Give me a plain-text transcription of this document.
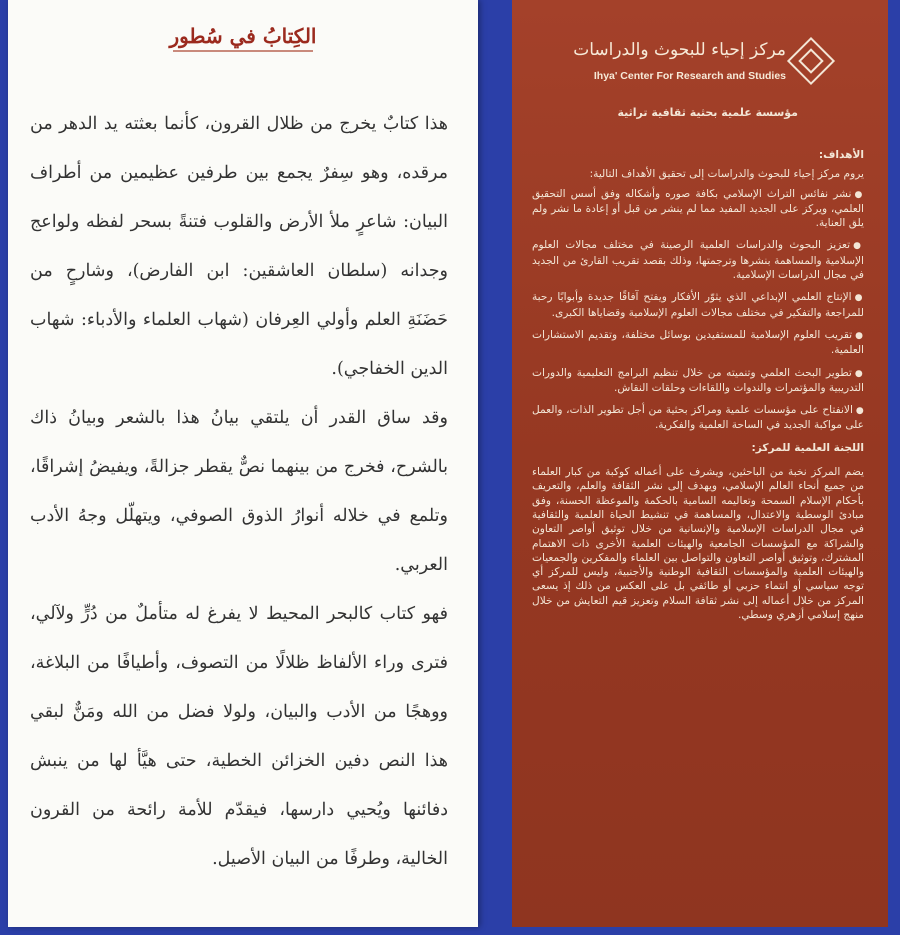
الكِتابُ في سُطور

هذا كتابٌ يخرج من ظلال القرون، كأنما بعثته يد الدهر من مرقده، وهو سِفرٌ يجمع بين طرفين عظيمين من أطراف البيان: شاعرٍ ملأ الأرض والقلوب فتنةً بسحر لفظه ولواعج وجدانه (سلطان العاشقين: ابن الفارض)، وشارحٍ من حَضَنَةِ العلم وأولي العِرفان (شهاب العلماء والأدباء: شهاب الدين الخفاجي).

وقد ساق القدر أن يلتقي بيانُ هذا بالشعر وبيانُ ذاك بالشرح، فخرج من بينهما نصٌّ يقطر جزالةً، ويفيضُ إشراقًا، وتلمع في خلاله أنوارُ الذوق الصوفي، ويتهلّل وجهُ الأدب العربي.

فهو كتاب كالبحر المحيط لا يفرغ له متأملٌ من دُرٍّ ولآلي، فترى وراء الألفاظ ظلالًا من التصوف، وأطيافًا من البلاغة، ووهجًا من الأدب والبيان، ولولا فضل من الله ومَنٌّ لبقي هذا النص دفين الخزائن الخطية، حتى هيَّأ لها من ينبش دفائنها ويُحيي دارسها، فيقدّم للأمة رائحة من القرون الخالية، وطرفًا من البيان الأصيل.

مركز إحياء للبحوث والدراسات
Ihya' Center For Research and Studies
مؤسسة علمية بحثية ثقافية تراثية

الأهداف:

يروم مركز إحياء للبحوث والدراسات إلى تحقيق الأهداف التالية:

●نشر نفائس التراث الإسلامي بكافة صوره وأشكاله وفق أسس التحقيق العلمي، ويركز على الجديد المفيد مما لم ينشر من قبل أو إعادة ما نشر ولم يلق العناية.

●تعزيز البحوث والدراسات العلمية الرصينة في مختلف مجالات العلوم الإسلامية والمساهمة بنشرها وترجمتها، وذلك بقصد تقريب القارئ من الجديد في مجال الدراسات الإسلامية.

●الإنتاج العلمي الإبداعي الذي يثوّر الأفكار ويفتح آفاقًا جديدة وأبوابًا رحبة للمراجعة والتفكير في مختلف مجالات العلوم الإسلامية وقضاياها الكبرى.

●تقريب العلوم الإسلامية للمستفيدين بوسائل مختلفة، وتقديم الاستشارات العلمية.

●تطوير البحث العلمي وتنميته من خلال تنظيم البرامج التعليمية والدورات التدريبية والمؤتمرات والندوات واللقاءات وحلقات النقاش.

●الانفتاح على مؤسسات علمية ومراكز بحثية من أجل تطوير الذات، والعمل على مواكبة الجديد في الساحة العلمية والفكرية.

اللجنة العلمية للمركز:

يضم المركز نخبة من الباحثين، ويشرف على أعماله كوكبة من كبار العلماء من جميع أنحاء العالم الإسلامي، ويهدف إلى نشر الثقافة والعلم، والتعريف بأحكام الإسلام السمحة وتعاليمه السامية بالحكمة والموعظة الحسنة، وفق مبادئ الوسطية والاعتدال، والمساهمة في تنشيط الحياة العلمية والثقافية في مجال الدراسات الإسلامية والإنسانية من خلال توثيق أواصر التعاون والشراكة مع المؤسسات الجامعية والهيئات العلمية الأخرى ذات الاهتمام المشترك، وتوثيق أواصر التعاون والتواصل بين العلماء والمفكرين والجمعيات والهيئات العلمية والمؤسسات الثقافية الوطنية والأجنبية، وليس للمركز أي توجه سياسي أو انتماء حزبي أو طائفي بل على العكس من ذلك إذ يسعى المركز من خلال أعماله إلى نشر ثقافة السلام وتعزيز قيم التعايش من خلال منهج إسلامي أزهري وسطي.
